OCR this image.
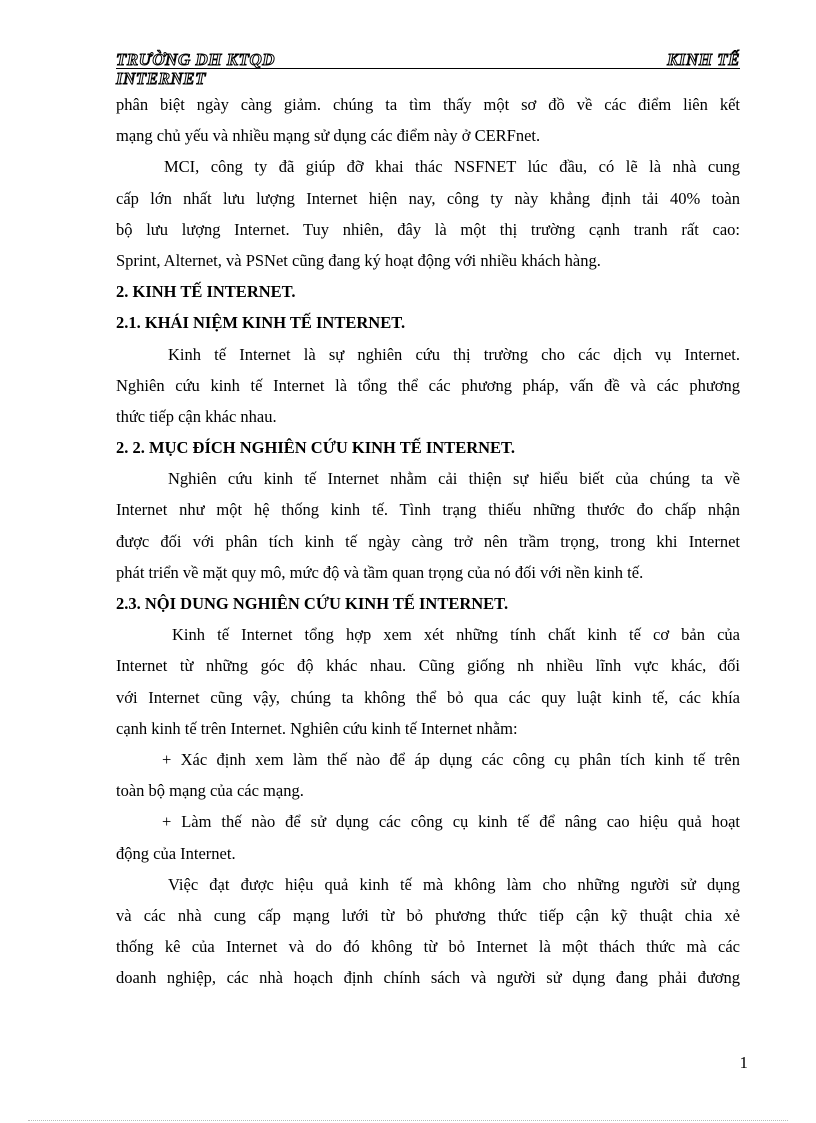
TRƯỜNG DH KTQD	KINH TẾ
INTERNET
phân biệt ngày càng giảm. chúng ta tìm thấy một sơ đồ về các điểm liên kết
mạng chủ yếu và nhiều mạng sử dụng các điểm này ở CERFnet.
MCI, công ty đã giúp đỡ khai thác NSFNET lúc đầu, có lẽ là nhà cung
cấp lớn nhất lưu lượng Internet hiện nay, công ty này khẳng định tải 40% toàn
bộ lưu lượng Internet. Tuy nhiên, đây là một thị trường cạnh tranh rất cao:
Sprint, Alternet, và PSNet cũng đang ký hoạt động với nhiều khách hàng.
2. KINH TẾ INTERNET.
2.1. KHÁI NIỆM KINH TẾ INTERNET.
Kinh tế Internet là sự nghiên cứu thị trường cho các dịch vụ Internet.
Nghiên cứu kinh tế Internet là tổng thể các phương pháp, vấn đề và các phương
thức tiếp cận khác nhau.
2. 2. MỤC ĐÍCH NGHIÊN CỨU KINH TẾ INTERNET.
Nghiên cứu kinh tế Internet nhằm cải thiện sự hiểu biết của chúng ta về
Internet như một hệ thống kinh tế. Tình trạng thiếu những thước đo chấp nhận
được đối với phân tích kinh tế ngày càng trở nên trầm trọng, trong khi Internet
phát triển về mặt quy mô, mức độ và tầm quan trọng của nó đối với nền kinh tế.
2.3. NỘI DUNG NGHIÊN CỨU KINH TẾ INTERNET.
Kinh tế Internet tổng hợp xem xét những tính chất kinh tế cơ bản của
Internet từ những góc độ khác nhau. Cũng giống nh nhiều lĩnh vực khác, đối
với Internet cũng vậy, chúng ta không thể bỏ qua các quy luật kinh tế, các khía
cạnh kinh tế trên Internet. Nghiên cứu kinh tế Internet nhằm:
+ Xác định xem làm thế nào để áp dụng các công cụ phân tích kinh tế trên
toàn bộ mạng của các mạng.
+ Làm thế nào để sử dụng các công cụ kinh tế để nâng cao hiệu quả hoạt
động của Internet.
Việc đạt được hiệu quả kinh tế mà không làm cho những người sử dụng
và các nhà cung cấp mạng lưới từ bỏ phương thức tiếp cận kỹ thuật chia xẻ
thống kê của Internet và do đó không từ bỏ Internet là một thách thức mà các
doanh nghiệp, các nhà hoạch định chính sách và người sử dụng đang phải đương
1
